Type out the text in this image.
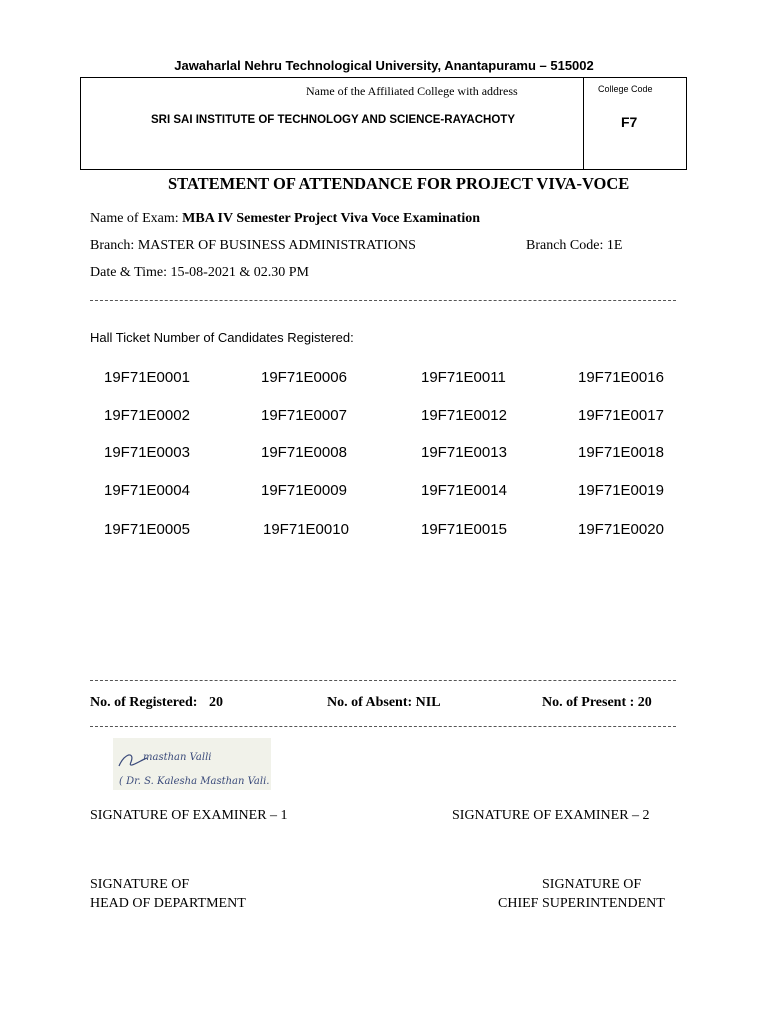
Jawaharlal Nehru Technological University, Anantapuramu – 515002
Name of the Affiliated College with address
SRI SAI INSTITUTE OF TECHNOLOGY AND SCIENCE-RAYACHOTY
College Code
F7
STATEMENT OF ATTENDANCE FOR PROJECT VIVA-VOCE
Name of Exam: MBA IV Semester Project Viva Voce Examination
Branch: MASTER OF BUSINESS ADMINISTRATIONS	Branch Code: 1E
Date & Time: 15-08-2021 & 02.30 PM
Hall Ticket Number of Candidates Registered:
19F71E0001	19F71E0006	19F71E0011	19F71E0016
19F71E0002	19F71E0007	19F71E0012	19F71E0017
19F71E0003	19F71E0008	19F71E0013	19F71E0018
19F71E0004	19F71E0009	19F71E0014	19F71E0019
19F71E0005	19F71E0010	19F71E0015	19F71E0020
No. of Registered: 20	No. of Absent: NIL	No. of Present : 20
masthan Valli
( Dr. S. Kalesha Masthan Vali.
SIGNATURE OF EXAMINER – 1	SIGNATURE OF EXAMINER – 2
SIGNATURE OF
HEAD OF DEPARTMENT
SIGNATURE OF
CHIEF SUPERINTENDENT
